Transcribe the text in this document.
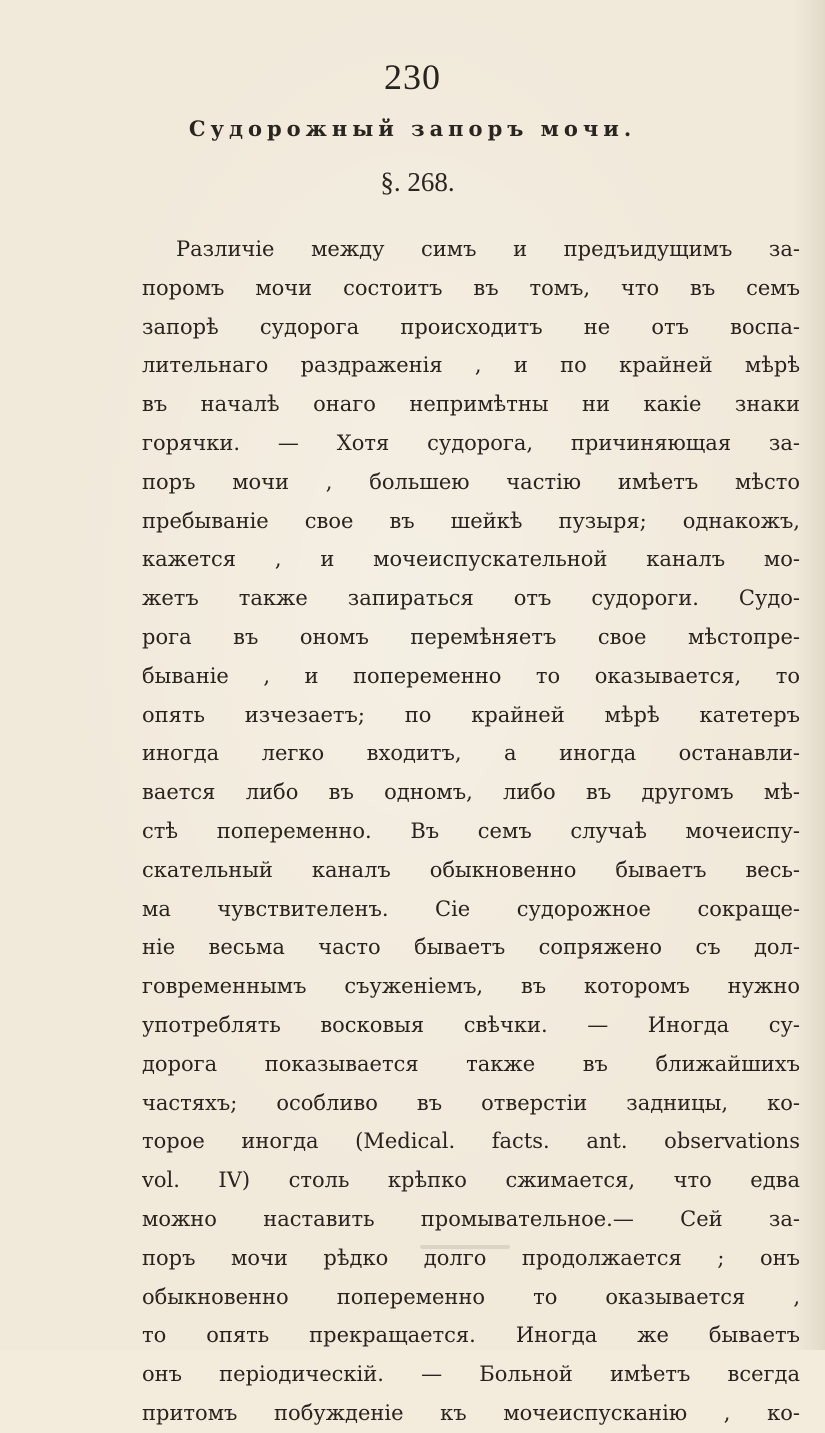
230
Судорожный запоръ мочи.
§. 268.
Различіе между симъ и предъидущимъ за-
поромъ мочи состоитъ въ томъ, что въ семъ
запорѣ судорога происходитъ не отъ воспа-
лительнаго раздраженія , и по крайней мѣрѣ
въ началѣ онаго непримѣтны ни какіе знаки
горячки. — Хотя судорога, причиняющая за-
поръ мочи , большею частію имѣетъ мѣсто
пребываніе свое въ шейкѣ пузыря; однакожъ,
кажется , и мочеиспускательной каналъ мо-
жетъ также запираться отъ судороги. Судо-
рога въ ономъ перемѣняетъ свое мѣстопре-
бываніе , и попеременно то оказывается, то
опять изчезаетъ; по крайней мѣрѣ катетеръ
иногда легко входитъ, а иногда останавли-
вается либо въ одномъ, либо въ другомъ мѣ-
стѣ попеременно. Въ семъ случаѣ мочеиспу-
скательный каналъ обыкновенно бываетъ весь-
ма чувствителенъ. Сіе судорожное сокраще-
ніе весьма часто бываетъ сопряжено съ дол-
говременнымъ съуженіемъ, въ которомъ нужно
употреблять восковыя свѣчки. — Иногда су-
дорога показывается также въ ближайшихъ
частяхъ; особливо въ отверстіи задницы, ко-
торое иногда (Medical. facts. ant. observations
vol. IV) столь крѣпко сжимается, что едва
можно наставить промывательное.— Сей за-
поръ мочи рѣдко долго продолжается ; онъ
обыкновенно попеременно то оказывается ,
то опять прекращается. Иногда же бываетъ
онъ періодическій. — Больной имѣетъ всегда
притомъ побужденіе къ мочеиспусканію , ко-
